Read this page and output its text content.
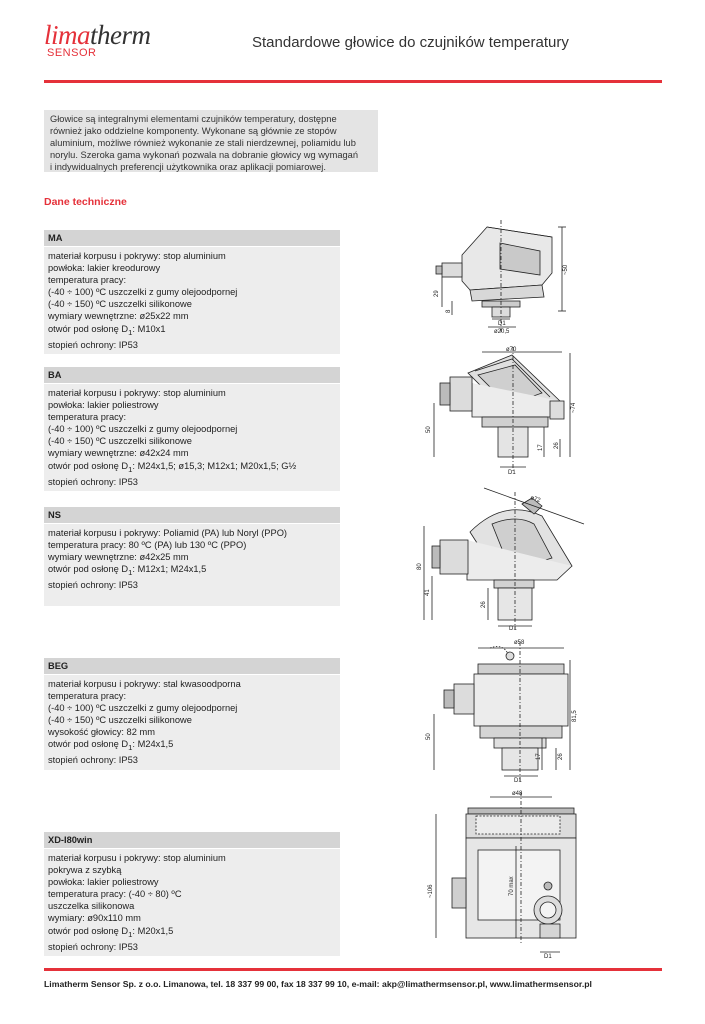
limatherm
SENSOR
Standardowe głowice do czujników temperatury
Głowice są integralnymi elementami czujników temperatury, dostępne
również jako oddzielne komponenty. Wykonane są głównie ze stopów
aluminium, możliwe również wykonanie ze stali nierdzewnej, poliamidu lub
norylu. Szeroka gama wykonań pozwala na dobranie głowicy wg wymagań
i indywidualnych preferencji użytkownika oraz aplikacji pomiarowej.
Dane techniczne
MA
materiał korpusu i pokrywy: stop aluminium
powłoka: lakier kreodurowy
temperatura pracy:
(-40 ÷ 100) ºC uszczelki z gumy olejoodpornej
(-40 ÷ 150) ºC uszczelki silikonowe
wymiary wewnętrzne: ø25x22 mm
otwór pod osłonę $D_1$: M10x1
stopień ochrony: IP53
BA
materiał korpusu i pokrywy: stop aluminium
powłoka: lakier poliestrowy
temperatura pracy:
(-40 ÷ 100) ºC uszczelki z gumy olejoodpornej
(-40 ÷ 150) ºC uszczelki silikonowe
wymiary wewnętrzne: ø42x24 mm
otwór pod osłonę $D_1$: M24x1,5; ø15,3; M12x1; M20x1,5; G½
stopień ochrony: IP53
NS
materiał korpusu i pokrywy: Poliamid (PA) lub Noryl (PPO)
temperatura pracy: 80 ºC (PA) lub 130 ºC (PPO)
wymiary wewnętrzne: ø42x25 mm
otwór pod osłonę $D_1$: M12x1; M24x1,5
stopień ochrony: IP53
BEG
materiał korpusu i pokrywy: stal kwasoodporna
temperatura pracy:
(-40 ÷ 100) ºC uszczelki z gumy olejoodpornej
(-40 ÷ 150) ºC uszczelki silikonowe
wysokość głowicy: 82 mm
otwór pod osłonę $D_1$: M24x1,5
stopień ochrony: IP53
XD-I80win
materiał korpusu i pokrywy: stop aluminium
pokrywa z szybką
powłoka: lakier poliestrowy
temperatura pracy: (-40 ÷ 80) ºC
uszczelka silikonowa
wymiary: ø90x110 mm
otwór pod osłonę $D_1$: M20x1,5
stopień ochrony: IP53
~50
29
8
D1
ø20,5
ø70
~74
50
26
17
D1
ø72
80
41
26
D1
ø58
81,5
50
17	26
D1
ø48
~106	70 max
D1
Limatherm Sensor Sp. z o.o. Limanowa, tel. 18 337 99 00, fax 18 337 99 10, e-mail: akp@limathermsensor.pl, www.limathermsensor.pl
